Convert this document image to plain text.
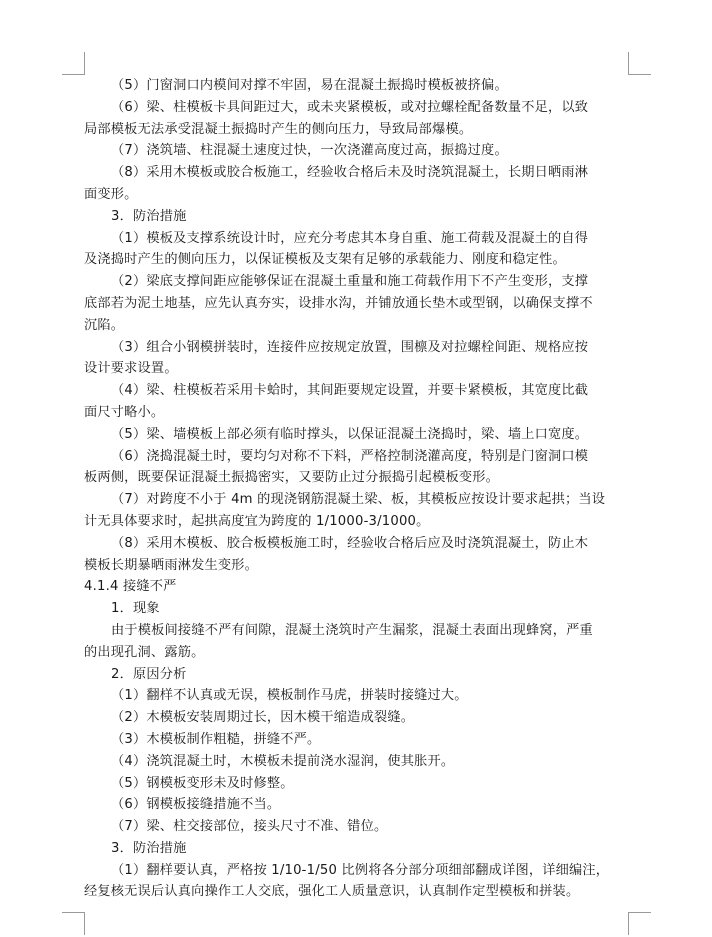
（5）门窗洞口内模间对撑不牢固，易在混凝土振捣时模板被挤偏。
（6）梁、柱模板卡具间距过大，或未夹紧模板，或对拉螺栓配备数量不足，以致
局部模板无法承受混凝土振捣时产生的侧向压力，导致局部爆模。
（7）浇筑墙、柱混凝土速度过快，一次浇灌高度过高，振捣过度。
（8）采用木模板或胶合板施工，经验收合格后未及时浇筑混凝土，长期日晒雨淋
面变形。
3．防治措施
（1）模板及支撑系统设计时，应充分考虑其本身自重、施工荷载及混凝土的自得
及浇捣时产生的侧向压力，以保证模板及支架有足够的承载能力、刚度和稳定性。
（2）梁底支撑间距应能够保证在混凝土重量和施工荷载作用下不产生变形，支撑
底部若为泥土地基，应先认真夯实，设排水沟，并铺放通长垫木或型钢，以确保支撑不
沉陷。
（3）组合小钢模拼装时，连接件应按规定放置，围檩及对拉螺栓间距、规格应按
设计要求设置。
（4）梁、柱模板若采用卡蛤时，其间距要规定设置，并要卡紧模板，其宽度比截
面尺寸略小。
（5）梁、墙模板上部必须有临时撑头，以保证混凝土浇捣时，梁、墙上口宽度。
（6）浇捣混凝土时，要均匀对称不下料，严格控制浇灌高度，特别是门窗洞口模
板两侧，既要保证混凝土振捣密实，又要防止过分振捣引起模板变形。
（7）对跨度不小于 4m 的现浇钢筋混凝土梁、板，其模板应按设计要求起拱；当设
计无具体要求时，起拱高度宜为跨度的 1/1000-3/1000。
（8）采用木模板、胶合板模板施工时，经验收合格后应及时浇筑混凝土，防止木
模板长期暴晒雨淋发生变形。
4.1.4 接缝不严
1．现象
由于模板间接缝不严有间隙，混凝土浇筑时产生漏浆，混凝土表面出现蜂窝，严重
的出现孔洞、露筋。
2．原因分析
（1）翻样不认真或无误，模板制作马虎，拼装时接缝过大。
（2）木模板安装周期过长，因木模干缩造成裂缝。
（3）木模板制作粗糙，拼缝不严。
（4）浇筑混凝土时，木模板未提前浇水湿润，使其胀开。
（5）钢模板变形未及时修整。
（6）钢模板接缝措施不当。
（7）梁、柱交接部位，接头尺寸不准、错位。
3．防治措施
（1）翻样要认真，严格按 1/10-1/50 比例将各分部分项细部翻成详图，详细编注，
经复核无误后认真向操作工人交底，强化工人质量意识，认真制作定型模板和拼装。
